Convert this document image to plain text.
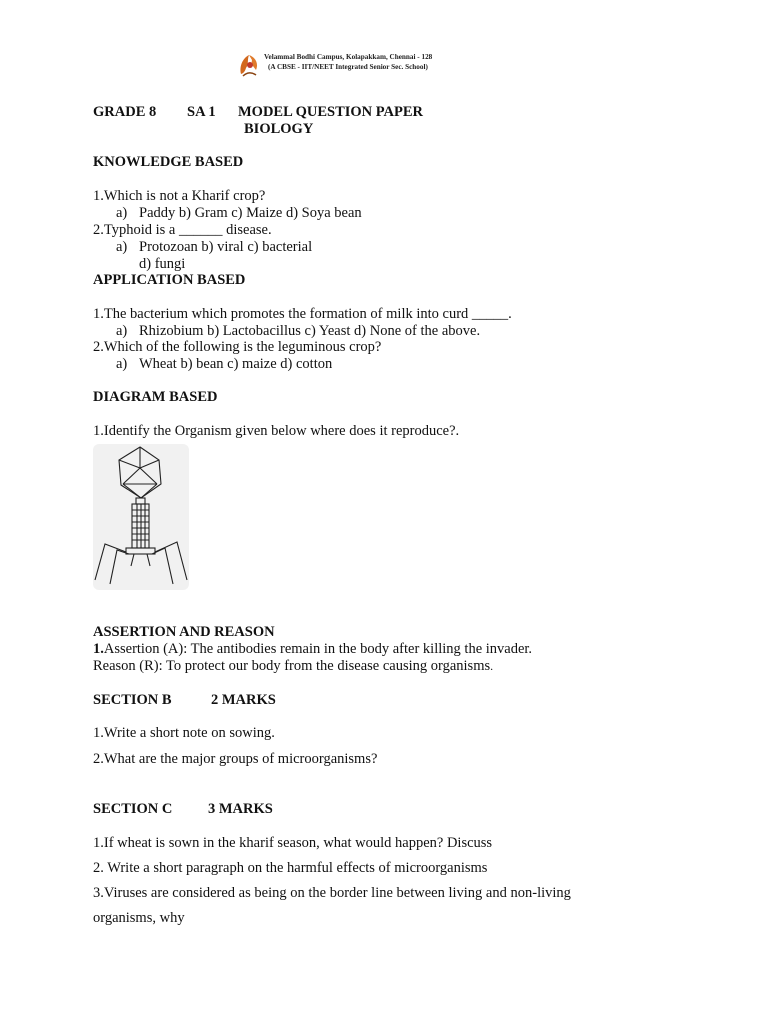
Velammal Bodhi Campus, Kolapakkam, Chennai - 128
(A CBSE - IIT/NEET Integrated Senior Sec. School)
GRADE 8 SA 1 MODEL QUESTION PAPER
BIOLOGY
KNOWLEDGE BASED
1.Which is not a Kharif crop?
a) Paddy b) Gram c) Maize d) Soya bean
2.Typhoid is a ______ disease.
a) Protozoan b) viral c) bacterial
d) fungi
APPLICATION BASED
1.The bacterium which promotes the formation of milk into curd _____.
a) Rhizobium b) Lactobacillus c) Yeast d) None of the above.
2.Which of the following is the leguminous crop?
a) Wheat b) bean c) maize d) cotton
DIAGRAM BASED
1.Identify the Organism given below where does it reproduce?.
ASSERTION AND REASON
1.Assertion (A): The antibodies remain in the body after killing the invader.
Reason (R): To protect our body from the disease causing organisms.
SECTION B	2 MARKS
1.Write a short note on sowing.
2.What are the major groups of microorganisms?
SECTION C 3 MARKS
1.If wheat is sown in the kharif season, what would happen? Discuss
2. Write a short paragraph on the harmful effects of microorganisms
3.Viruses are considered as being on the border line between living and non-living
organisms, why
